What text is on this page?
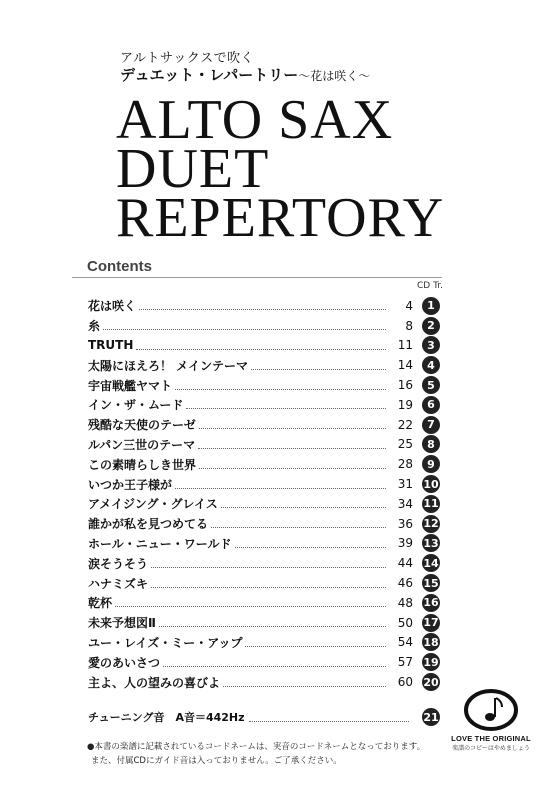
アルトサックスで吹く
デュエット・レパートリー〜花は咲く〜
ALTO SAX
DUET
REPERTORY
Contents
CD Tr.
花は咲く	4	1
糸	8	2
TRUTH	11	3
太陽にほえろ！ メインテーマ	14	4
宇宙戦艦ヤマト	16	5
イン・ザ・ムード	19	6
残酷な天使のテーゼ	22	7
ルパン三世のテーマ	25	8
この素晴らしき世界	28	9
いつか王子様が	31 10
アメイジング・グレイス	34 11
誰かが私を見つめてる	36 12
ホール・ニュー・ワールド	39 13
涙そうそう	44 14
ハナミズキ	46 15
乾杯	48 16
未来予想図Ⅱ	50 17
ユー・レイズ・ミー・アップ	54 18
愛のあいさつ	57 19
主よ、人の望みの喜びよ	60 20
チューニング音　A音＝442Hz	21
●本書の楽譜に記載されているコードネームは、実音のコードネームとなっております。
また、付属CDにガイド音は入っておりません。ご了承ください。
LOVE THE ORIGINAL
楽譜のコピーはやめましょう
